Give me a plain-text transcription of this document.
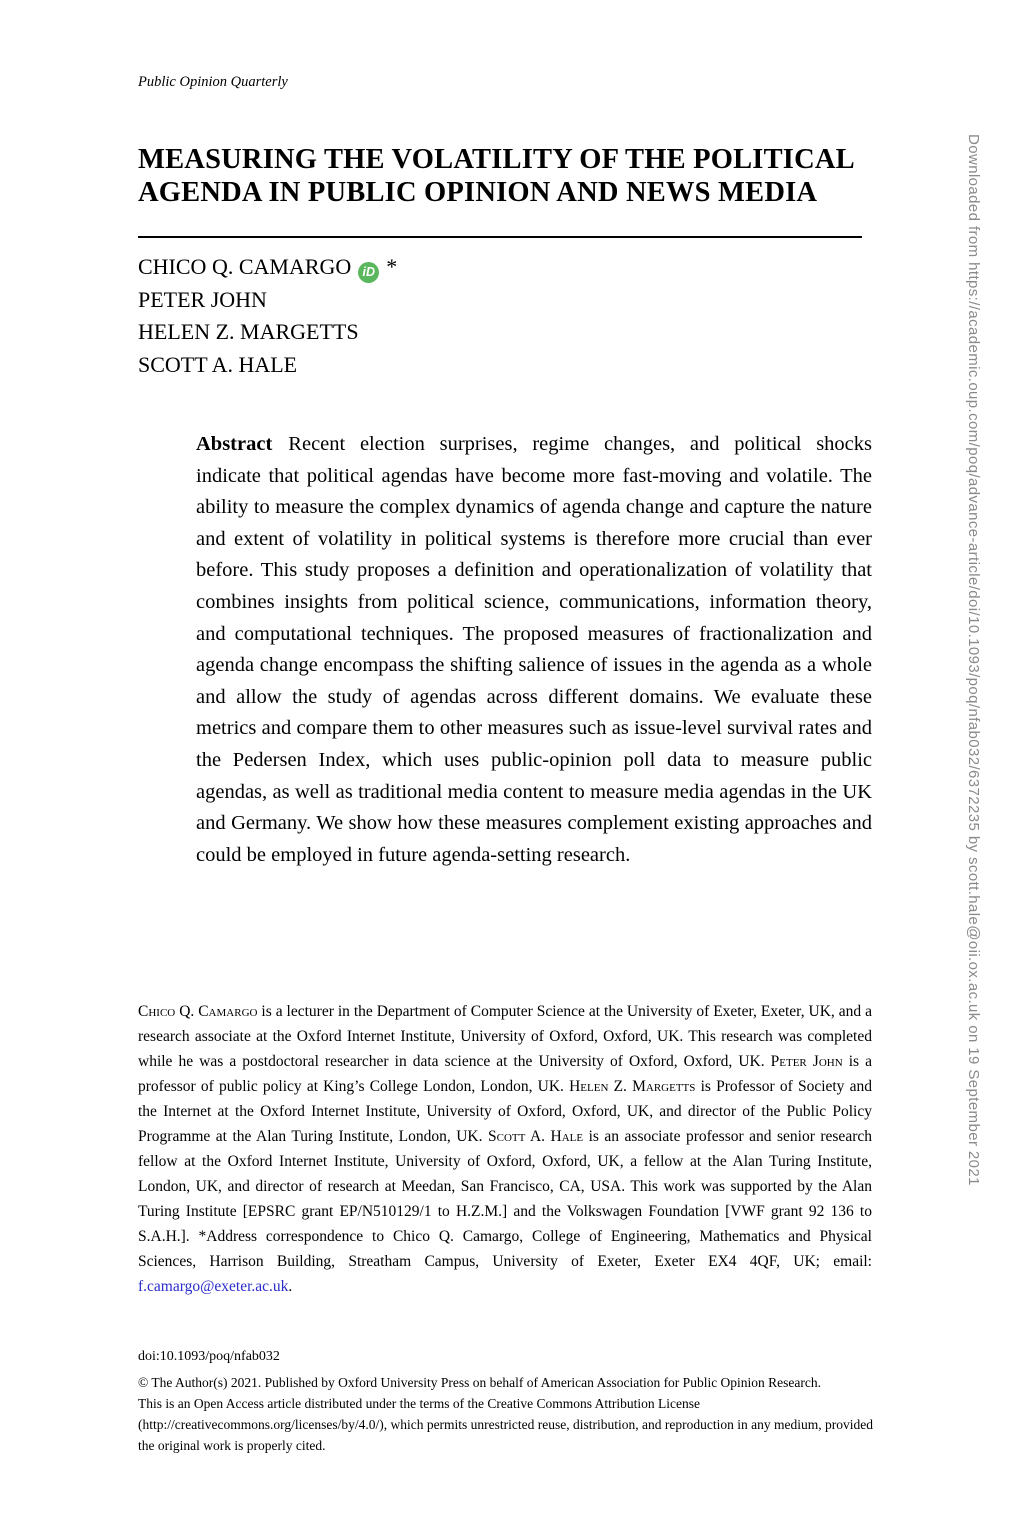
Public Opinion Quarterly
MEASURING THE VOLATILITY OF THE POLITICAL AGENDA IN PUBLIC OPINION AND NEWS MEDIA
CHICO Q. CAMARGO iD *
PETER JOHN
HELEN Z. MARGETTS
SCOTT A. HALE

Abstract Recent election surprises, regime changes, and political shocks indicate that political agendas have become more fast-moving and volatile. The ability to measure the complex dynamics of agenda change and capture the nature and extent of volatility in political systems is therefore more crucial than ever before. This study proposes a definition and operationalization of volatility that combines insights from political science, communications, information theory, and computational techniques. The proposed measures of fractionalization and agenda change encompass the shifting salience of issues in the agenda as a whole and allow the study of agendas across different domains. We evaluate these metrics and compare them to other measures such as issue-level survival rates and the Pedersen Index, which uses public-opinion poll data to measure public agendas, as well as traditional media content to measure media agendas in the UK and Germany. We show how these measures complement existing approaches and could be employed in future agenda-setting research.

Chico Q. Camargo is a lecturer in the Department of Computer Science at the University of Exeter, Exeter, UK, and a research associate at the Oxford Internet Institute, University of Oxford, Oxford, UK. This research was completed while he was a postdoctoral researcher in data science at the University of Oxford, Oxford, UK. Peter John is a professor of public policy at King’s College London, London, UK. Helen Z. Margetts is Professor of Society and the Internet at the Oxford Internet Institute, University of Oxford, Oxford, UK, and director of the Public Policy Programme at the Alan Turing Institute, London, UK. Scott A. Hale is an associate professor and senior research fellow at the Oxford Internet Institute, University of Oxford, Oxford, UK, a fellow at the Alan Turing Institute, London, UK, and director of research at Meedan, San Francisco, CA, USA. This work was supported by the Alan Turing Institute [EPSRC grant EP/N510129/1 to H.Z.M.] and the Volkswagen Foundation [VWF grant 92 136 to S.A.H.]. *Address correspondence to Chico Q. Camargo, College of Engineering, Mathematics and Physical Sciences, Harrison Building, Streatham Campus, University of Exeter, Exeter EX4 4QF, UK; email: f.camargo@exeter.ac.uk.

doi:10.1093/poq/nfab032
© The Author(s) 2021. Published by Oxford University Press on behalf of American Association for Public Opinion Research.
This is an Open Access article distributed under the terms of the Creative Commons Attribution License
(http://creativecommons.org/licenses/by/4.0/), which permits unrestricted reuse, distribution, and reproduction in any medium, provided the original work is properly cited.
Downloaded from https://academic.oup.com/poq/advance-article/doi/10.1093/poq/nfab032/6372235 by scott.hale@oii.ox.ac.uk on 19 September 2021
